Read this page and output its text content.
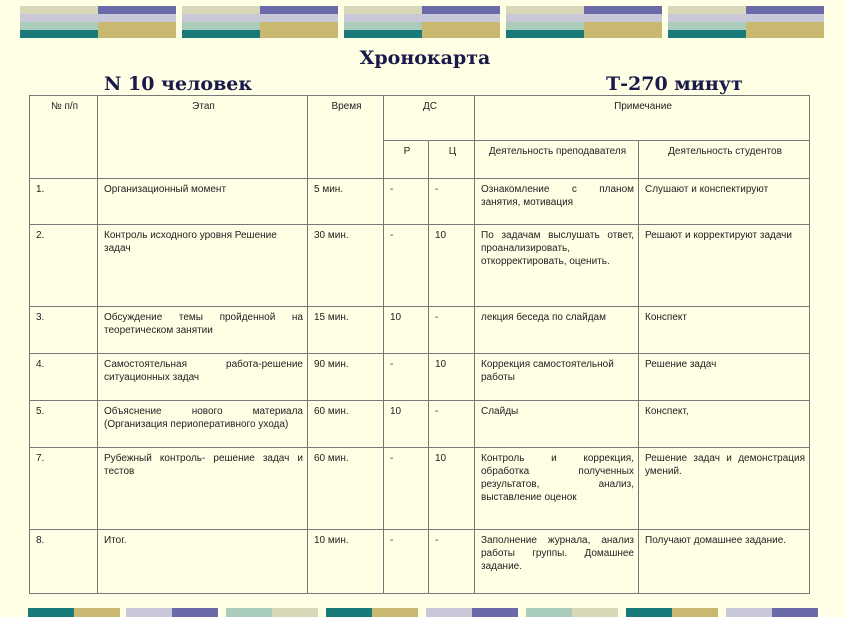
Хронокарта
N 10 человек	Т-270 минут
№ п/п	Этап	Время	ДС		Примечание	
			Р	Ц	Деятельность преподавателя	Деятельность студентов
1.	Организационный момент	5 мин.	-	-	Ознакомление с планом занятия, мотивация	Слушают и конспектируют
2.	Контроль исходного уровня Решение задач	30 мин.	-	10	По задачам выслушать ответ, проанализировать, откорректировать, оценить.	Решают и корректируют задачи
3.	Обсуждение темы пройденной на теоретическом занятии	15 мин.	10	-	лекция беседа по слайдам	Конспект
4.	Самостоятельная работа-решение ситуационных задач	90 мин.	-	10	Коррекция самостоятельной работы	Решение задач
5.	Объяснение нового материала (Организация периоперативного ухода)	60 мин.	10	-	Слайды	Конспект,
7.	Рубежный контроль- решение задач и тестов	60 мин.	-	10	Контроль и коррекция, обработка полученных результатов, анализ, выставление оценок	Решение задач и демонстрация умений.
8.	Итог.	10 мин.	-	-	Заполнение журнала, анализ работы группы. Домашнее задание.	Получают домашнее задание.
